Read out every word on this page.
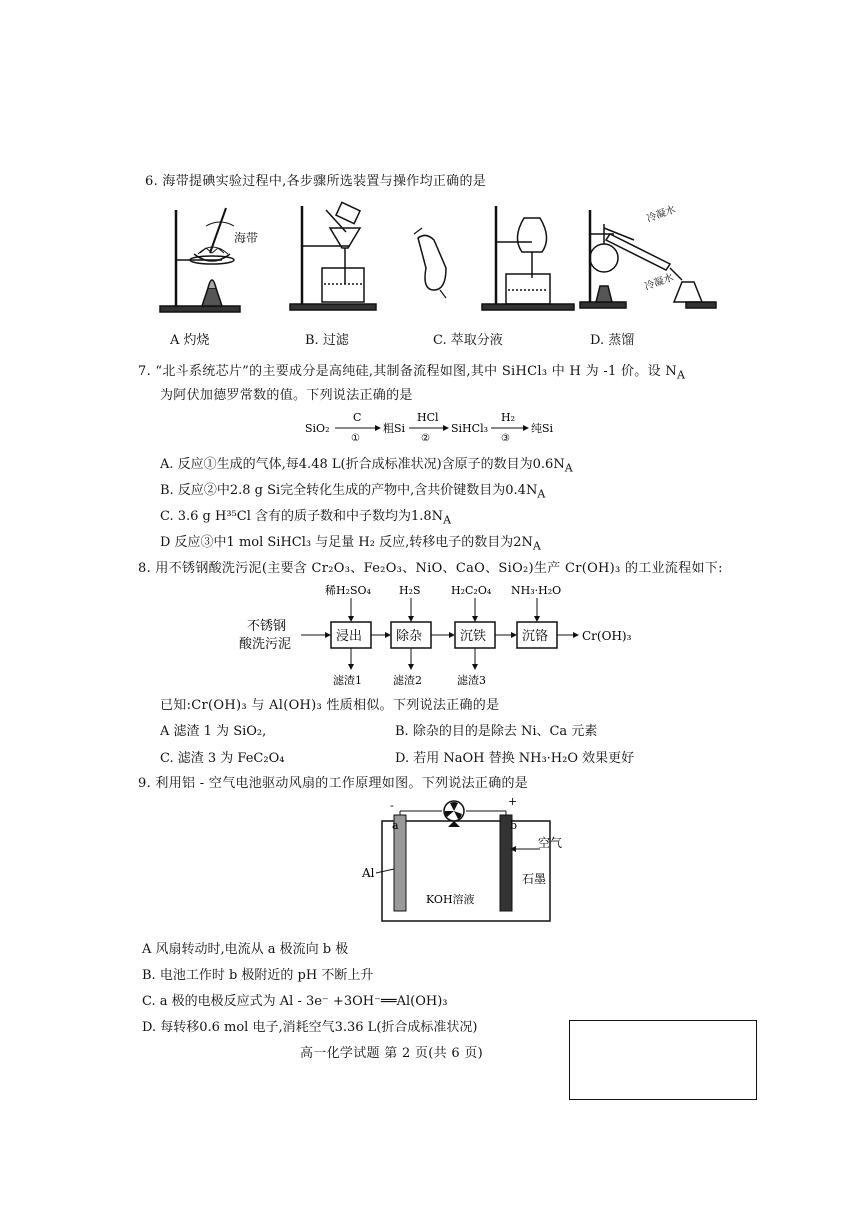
6. 海带提碘实验过程中,各步骤所选装置与操作均正确的是
海带
冷凝水
冷凝水
A 灼烧	B. 过滤	C. 萃取分液	D. 蒸馏
7. “北斗系统芯片”的主要成分是高纯硅,其制备流程如图,其中 SiHCl₃ 中 H 为 -1 价。设 $N_A$
为阿伏加德罗常数的值。下列说法正确的是
SiO₂
C
①
粗Si
HCl
②
SiHCl₃
H₂
③
纯Si
A. 反应①生成的气体,每4.48 L(折合成标准状况)含原子的数目为$0.6N_A$
B. 反应②中2.8 g Si完全转化生成的产物中,含共价键数目为$0.4N_A$
C. 3.6 g H³⁵Cl 含有的质子数和中子数均为$1.8N_A$
D 反应③中1 mol SiHCl₃ 与足量 H₂ 反应,转移电子的数目为$2N_A$
8. 用不锈钢酸洗污泥(主要含 Cr₂O₃、Fe₂O₃、NiO、CaO、SiO₂)生产 Cr(OH)₃ 的工业流程如下:
不锈钢
酸洗污泥
浸出	除杂	沉铁	沉铬	Cr(OH)₃
稀H₂SO₄	H₂S	H₂C₂O₄ NH₃·H₂O
滤渣1	滤渣2	滤渣3
已知:Cr(OH)₃ 与 Al(OH)₃ 性质相似。下列说法正确的是
A 滤渣 1 为 SiO₂,	B. 除杂的目的是除去 Ni、Ca 元素
C. 滤渣 3 为 FeC₂O₄	D. 若用 NaOH 替换 NH₃·H₂O 效果更好
9. 利用铝 - 空气电池驱动风扇的工作原理如图。下列说法正确的是
-
a
+
b
空气
Al	石墨
KOH溶液
A 风扇转动时,电流从 a 极流向 b 极
B. 电池工作时 b 极附近的 pH 不断上升
C. a 极的电极反应式为 Al - 3e⁻ +3OH⁻══Al(OH)₃
D. 每转移0.6 mol 电子,消耗空气3.36 L(折合成标准状况)
高一化学试题 第 2 页(共 6 页)
